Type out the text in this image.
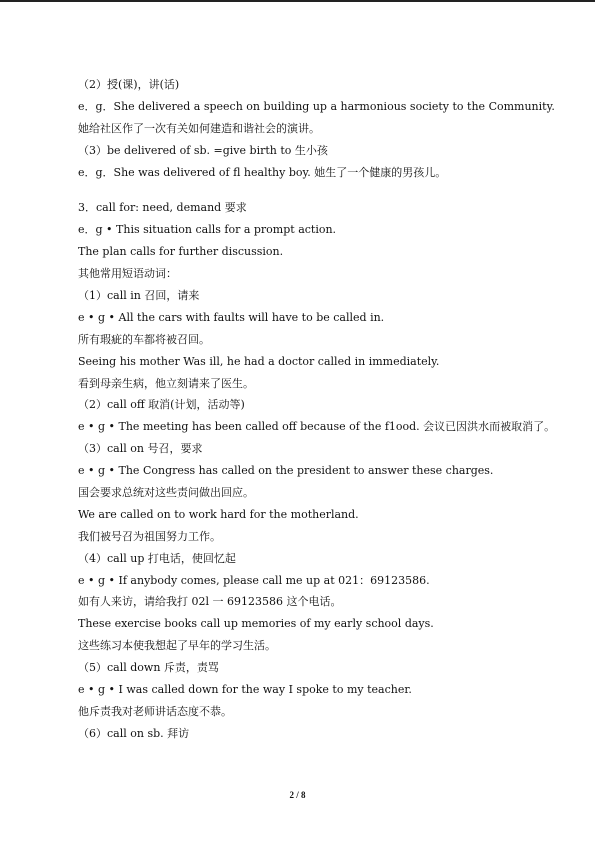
（2）授(课)，讲(话)
e．g．She delivered a speech on building up a harmonious society to the Community.
她给社区作了一次有关如何建造和谐社会的演讲。
（3）be delivered of sb. =give birth to 生小孩
e．g．She was delivered of fl healthy boy. 她生了一个健康的男孩儿。
3．call for: need, demand 要求
e．g • This situation calls for a prompt action.
The plan calls for further discussion.
其他常用短语动词：
（1）call in 召回，请来
e • g • All the cars with faults will have to be called in.
所有瑕疵的车都将被召回。
Seeing his mother Was ill, he had a doctor called in immediately.
看到母亲生病，他立刻请来了医生。
（2）call off 取消(计划，活动等)
e • g • The meeting has been called off because of the f1ood. 会议已因洪水而被取消了。
（3）call on 号召，要求
e • g • The Congress has called on the president to answer these charges.
国会要求总统对这些责问做出回应。
We are called on to work hard for the motherland.
我们被号召为祖国努力工作。
（4）call up 打电话，使回忆起
e • g • If anybody comes, please call me up at 021：69123586.
如有人来访，请给我打 02l 一 69123586 这个电话。
These exercise books call up memories of my early school days.
这些练习本使我想起了早年的学习生活。
（5）call down 斥责，责骂
e • g • I was called down for the way I spoke to my teacher.
他斥责我对老师讲话态度不恭。
（6）call on sb. 拜访
2 / 8
